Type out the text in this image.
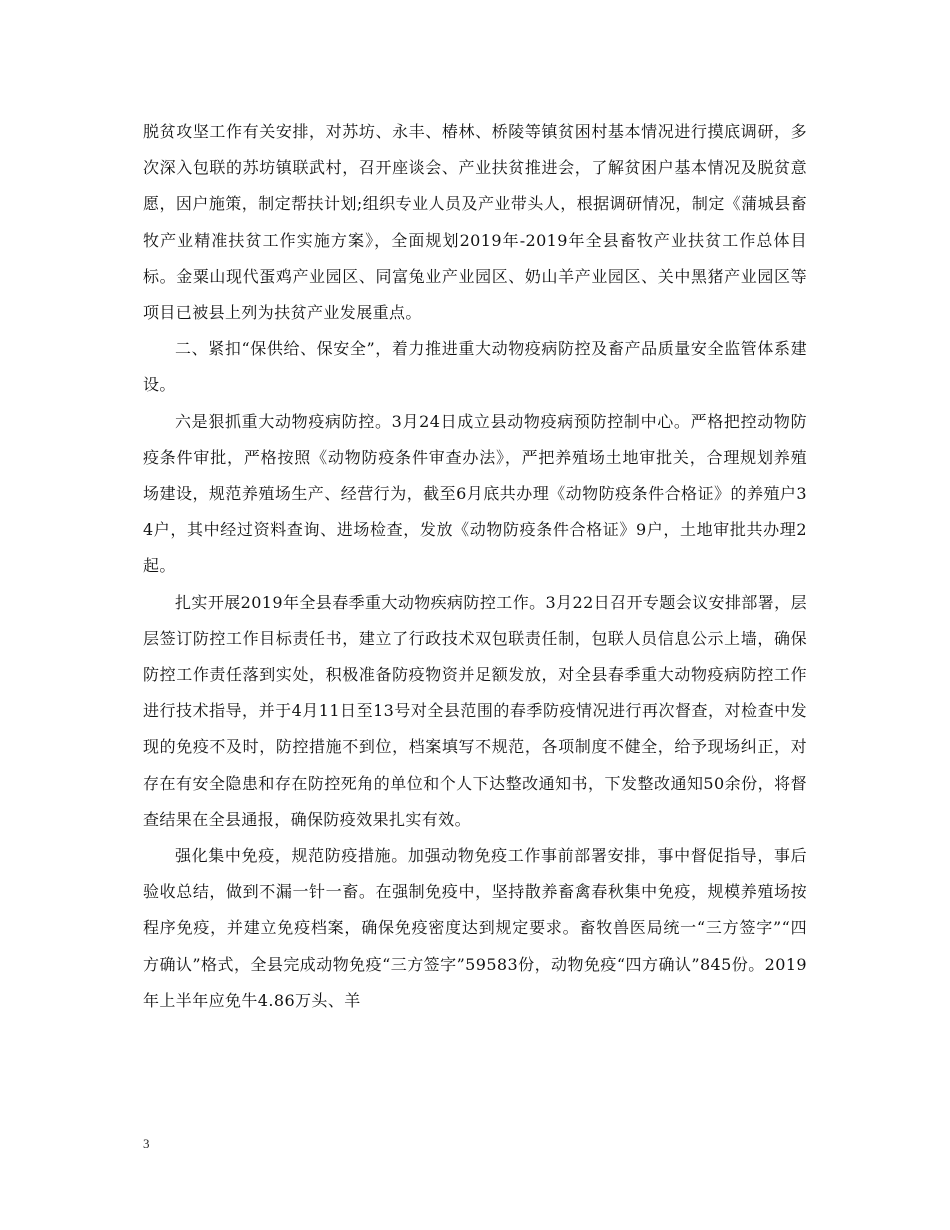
脱贫攻坚工作有关安排，对苏坊、永丰、椿林、桥陵等镇贫困村基本情况进行摸底调研，多次深入包联的苏坊镇联武村，召开座谈会、产业扶贫推进会，了解贫困户基本情况及脱贫意愿，因户施策，制定帮扶计划;组织专业人员及产业带头人，根据调研情况，制定《蒲城县畜牧产业精准扶贫工作实施方案》，全面规划2019年-2019年全县畜牧产业扶贫工作总体目标。金粟山现代蛋鸡产业园区、同富兔业产业园区、奶山羊产业园区、关中黑猪产业园区等项目已被县上列为扶贫产业发展重点。

二、紧扣“保供给、保安全”，着力推进重大动物疫病防控及畜产品质量安全监管体系建设。

六是狠抓重大动物疫病防控。3月24日成立县动物疫病预防控制中心。严格把控动物防疫条件审批，严格按照《动物防疫条件审查办法》，严把养殖场土地审批关，合理规划养殖场建设，规范养殖场生产、经营行为，截至6月底共办理《动物防疫条件合格证》的养殖户34户，其中经过资料查询、进场检查，发放《动物防疫条件合格证》9户，土地审批共办理2起。

扎实开展2019年全县春季重大动物疾病防控工作。3月22日召开专题会议安排部署，层层签订防控工作目标责任书，建立了行政技术双包联责任制，包联人员信息公示上墙，确保防控工作责任落到实处，积极准备防疫物资并足额发放，对全县春季重大动物疫病防控工作进行技术指导，并于4月11日至13号对全县范围的春季防疫情况进行再次督查，对检查中发现的免疫不及时，防控措施不到位，档案填写不规范，各项制度不健全，给予现场纠正，对存在有安全隐患和存在防控死角的单位和个人下达整改通知书，下发整改通知50余份，将督查结果在全县通报，确保防疫效果扎实有效。

强化集中免疫，规范防疫措施。加强动物免疫工作事前部署安排，事中督促指导，事后验收总结，做到不漏一针一畜。在强制免疫中，坚持散养畜禽春秋集中免疫，规模养殖场按程序免疫，并建立免疫档案，确保免疫密度达到规定要求。畜牧兽医局统一“三方签字”“四方确认”格式，全县完成动物免疫“三方签字”59583份，动物免疫“四方确认”845份。2019年上半年应免牛4.86万头、羊

3
